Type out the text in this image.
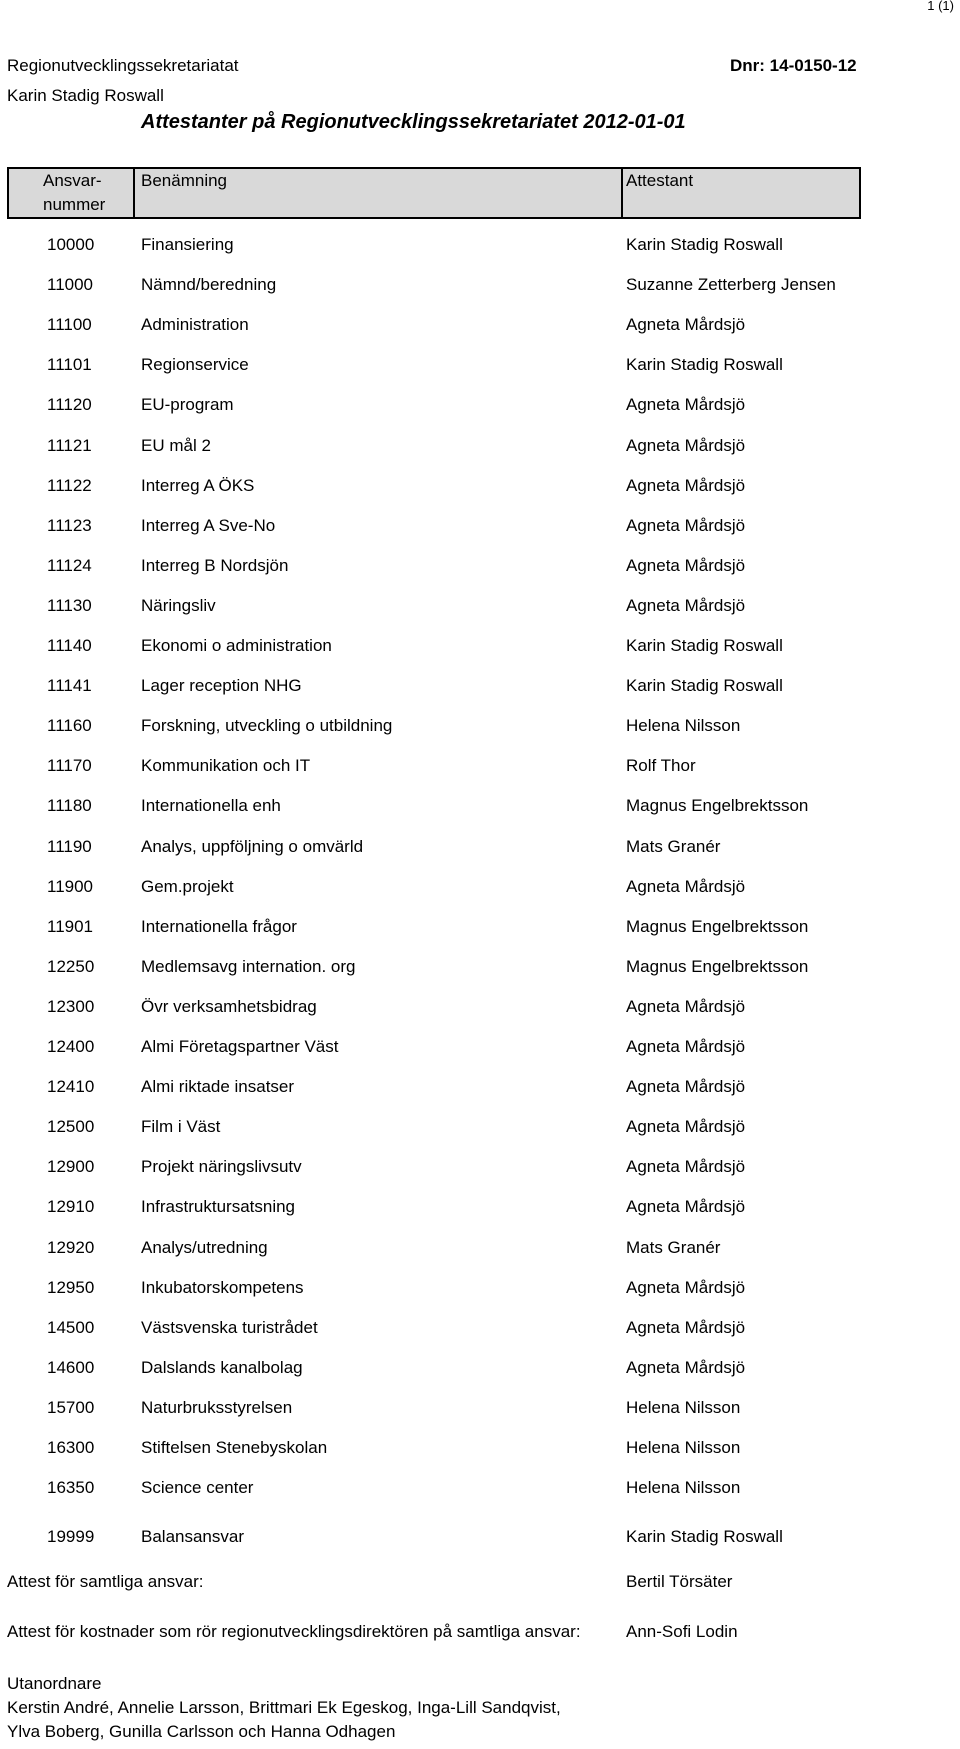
1 (1)
Regionutvecklingssekretariatat	Dnr: 14-0150-12
Karin Stadig Roswall
Attestanter på Regionutvecklingssekretariatet 2012-01-01
Ansvar-
nummer
Benämning	Attestant
10000	Finansiering	Karin Stadig Roswall
11000	Nämnd/beredning	Suzanne Zetterberg Jensen
11100	Administration	Agneta Mårdsjö
11101	Regionservice	Karin Stadig Roswall
11120	EU-program	Agneta Mårdsjö
11121	EU mål 2	Agneta Mårdsjö
11122	Interreg A ÖKS	Agneta Mårdsjö
11123	Interreg A Sve-No	Agneta Mårdsjö
11124	Interreg B Nordsjön	Agneta Mårdsjö
11130	Näringsliv	Agneta Mårdsjö
11140	Ekonomi o administration	Karin Stadig Roswall
11141	Lager reception NHG	Karin Stadig Roswall
11160	Forskning, utveckling o utbildning	Helena Nilsson
11170	Kommunikation och IT	Rolf Thor
11180	Internationella enh	Magnus Engelbrektsson
11190	Analys, uppföljning o omvärld	Mats Granér
11900	Gem.projekt	Agneta Mårdsjö
11901	Internationella frågor	Magnus Engelbrektsson
12250	Medlemsavg internation. org	Magnus Engelbrektsson
12300	Övr verksamhetsbidrag	Agneta Mårdsjö
12400	Almi Företagspartner Väst	Agneta Mårdsjö
12410	Almi riktade insatser	Agneta Mårdsjö
12500	Film i Väst	Agneta Mårdsjö
12900	Projekt näringslivsutv	Agneta Mårdsjö
12910	Infrastruktursatsning	Agneta Mårdsjö
12920	Analys/utredning	Mats Granér
12950	Inkubatorskompetens	Agneta Mårdsjö
14500	Västsvenska turistrådet	Agneta Mårdsjö
14600	Dalslands kanalbolag	Agneta Mårdsjö
15700	Naturbruksstyrelsen	Helena Nilsson
16300	Stiftelsen Stenebyskolan	Helena Nilsson
16350	Science center	Helena Nilsson
19999	Balansansvar	Karin Stadig Roswall
Attest för samtliga ansvar:	Bertil Törsäter
Attest för kostnader som rör regionutvecklingsdirektören på samtliga ansvar:	Ann-Sofi Lodin
Utanordnare
Kerstin André, Annelie Larsson, Brittmari Ek Egeskog, Inga-Lill Sandqvist,
Ylva Boberg, Gunilla Carlsson och Hanna Odhagen
